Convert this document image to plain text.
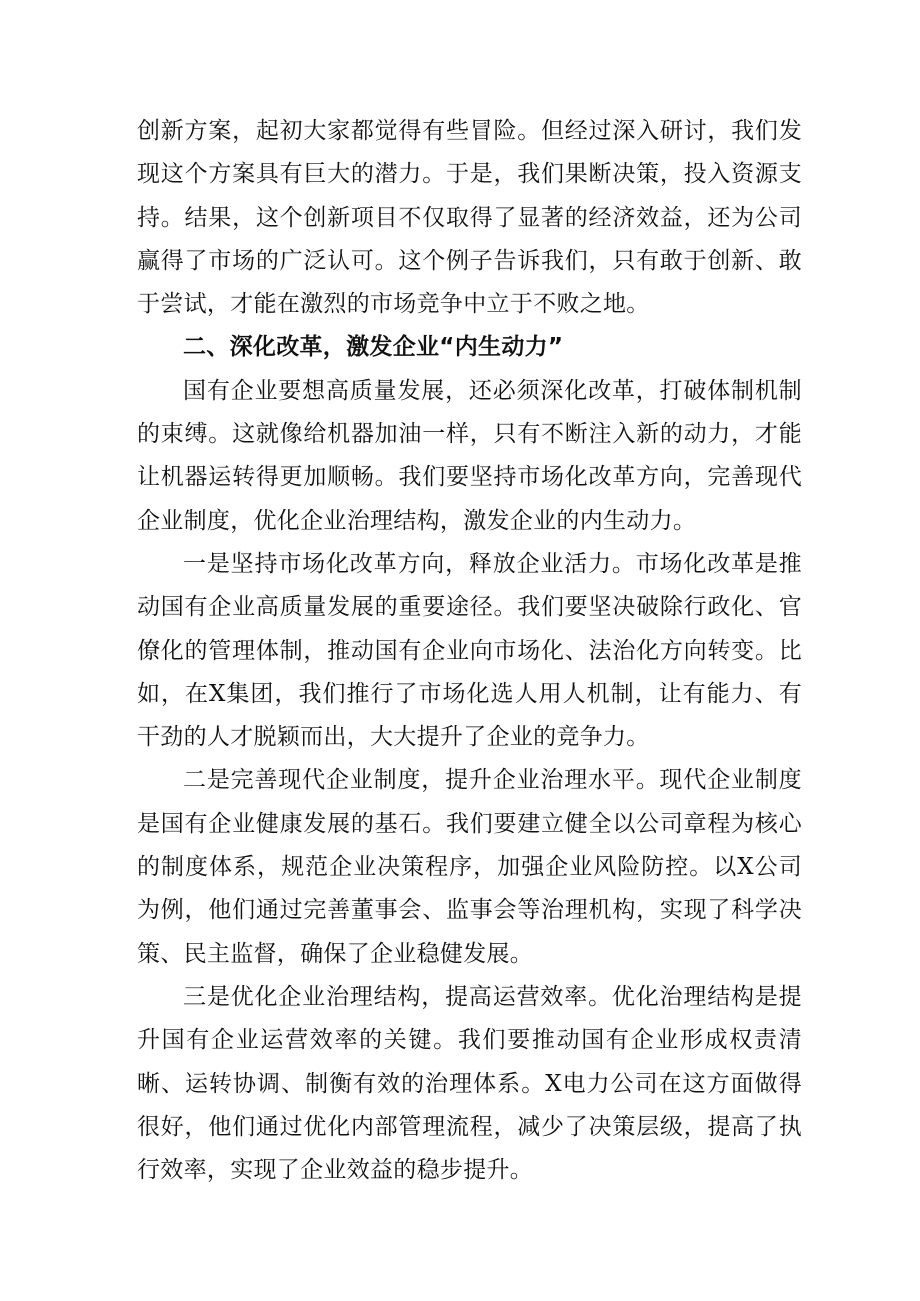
创新方案，起初大家都觉得有些冒险。但经过深入研讨，我们发现这个方案具有巨大的潜力。于是，我们果断决策，投入资源支持。结果，这个创新项目不仅取得了显著的经济效益，还为公司赢得了市场的广泛认可。这个例子告诉我们，只有敢于创新、敢于尝试，才能在激烈的市场竞争中立于不败之地。

二、深化改革，激发企业“内生动力”

国有企业要想高质量发展，还必须深化改革，打破体制机制的束缚。这就像给机器加油一样，只有不断注入新的动力，才能让机器运转得更加顺畅。我们要坚持市场化改革方向，完善现代企业制度，优化企业治理结构，激发企业的内生动力。

一是坚持市场化改革方向，释放企业活力。市场化改革是推动国有企业高质量发展的重要途径。我们要坚决破除行政化、官僚化的管理体制，推动国有企业向市场化、法治化方向转变。比如，在X集团，我们推行了市场化选人用人机制，让有能力、有干劲的人才脱颖而出，大大提升了企业的竞争力。

二是完善现代企业制度，提升企业治理水平。现代企业制度是国有企业健康发展的基石。我们要建立健全以公司章程为核心的制度体系，规范企业决策程序，加强企业风险防控。以X公司为例，他们通过完善董事会、监事会等治理机构，实现了科学决策、民主监督，确保了企业稳健发展。

三是优化企业治理结构，提高运营效率。优化治理结构是提升国有企业运营效率的关键。我们要推动国有企业形成权责清晰、运转协调、制衡有效的治理体系。X电力公司在这方面做得很好，他们通过优化内部管理流程，减少了决策层级，提高了执行效率，实现了企业效益的稳步提升。
